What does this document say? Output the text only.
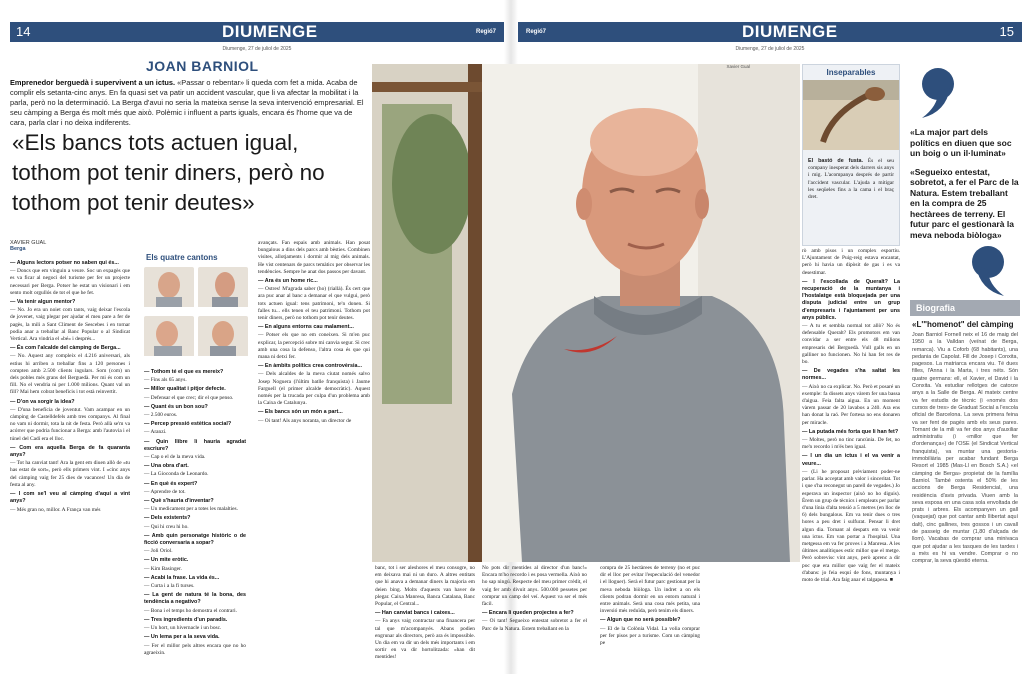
14	DIUMENGE	Regió7
Diumenge, 27 de juliol de 2025
Regió7	DIUMENGE	15
Diumenge, 27 de juliol de 2025
JOAN BARNIOL
Emprenedor berguedà i supervivent a un ictus. «Passar o rebentar» li queda com fet a mida. Acaba de complir els setanta-cinc anys. En fa quasi set va patir un accident vascular, que li va afectar la mobilitat i la parla, però no la determinació. La Berga d'avui no seria la mateixa sense la seva intervenció empresarial. El seu càmping a Berga és molt més que això. Polèmic i influent a parts iguals, encara és l'home que va de cara, parla clar i no deixa indiferents.
«Els bancs tots actuen igual, tothom pot tenir diners, però no tothom pot tenir deutes»
XAVIER GUAL
Berga

— Alguns lectors potser no saben qui és...

— Doncs que em vinguin a veure. Soc un expagès que es va ficar al negoci del turisme per fer un projecte necessari per Berga. Potser he estat un visionari i em sento molt orgullós de tot el que he fet.

— Va tenir algun mentor?

— No. Jo era un noiet com tants, vaig deixar l'escola de jovenet, vaig plegar per ajudar el meu pare a fer de pagès, la mili a Sant Climent de Sescebes i en tornar podia anar a treballar al Banc Popular o al Sindicat Vertical. Ara vindria el «bé» i després...

— És com l'alcalde del càmping de Berga...

— No. Aquest any compleix el 4.216 aniversari, als estius hi arriben a treballar fins a 120 persones i compten amb 2.500 clients ingulars. Som (com) un dels pobles més grans del Berguedà. Per mi és com un fill. No el vendria ni per 1.000 milions. Quant val un fill? Mai hem cobrat beneficis i tot està reinvertit.

— D'on va sorgir la idea?

— D'una benefícia de joventut. Vam acampar en un càmping de Castelldefels amb tres companys. Al final no vam ni dormir, tota la nit de festa. Però allà se'm va acórrer que podria funcionar a Berga: amb l'autovia i el túnel del Cadí era el lloc.

— Com era aquella Berga de fa quaranta anys?

— Tot ha canviat tant! Ara la gent em diuen allò de «tu has estat de sort», però ells primers vint. I «cinc anys del càmping vaig fer 25 dies de vacances! Un dia de festa al any.

— I com se'l veu al càmping d'aquí a vint anys?

— Més gran no, millor. A França van més

Els quatre cantons

— Tothom té el que es mereix?

— Fins als 65 anys.

— Millor qualitat i pitjor defecte.

— Defensar el que crec; dir el que penso.

— Quant és un bon sou?

— 2.500 euros.

— Percep pressió estètica social?

— Aranzí.

— Quin llibre li hauria agradat escriure?

— Cap o el de la meva vida.

— Una obra d'art.

— La Gioconda de Leonardo.

— En què és expert?

— Aprendre de tot.

— Què s'hauria d'inventar?

— Un medicament per a totes les malalties.

— Dels existents?

— Qui hi creu hi ho.

— Amb quin personatge històric o de ficció conversaria a sopar?

— Joli Oriol.

— Un mite eròtic.

— Kim Basinger.

— Acabi la frase. La vida és...

— Curta i a la fi turses.

— La gent de natura té la bona, des tendència a negativo?

— Bona i el temps ho demostra el contrari.

— Tres ingredients d'un paradís.

— Un hort, un hivernacle i un bosc.

— Un lema per a la seva vida.

— Fer el millor pels altres encara que no ho agraeixin.

avançats. Fan espais amb animals. Han posat bungalous a dins dels parcs amb bèsties. Combinen visites, allotjaments i dormir al mig dels animals. He vist centenars de parcs temàtics per observar les tendències. Sempre he anat dos passos per davant.

— Ara és un home ric...

— Ostres! M'agrada saber (ho) (riallà). És cert que ara puc anar al banc a demanar el que vulgui, però tots actuen igual: tens patrimoni, te'n donen. Si falles tu... ells tenen el teu patrimoni. Tothom pot tenir diners, però no tothom pot tenir deutes.

— En alguns entorns cau malament...

— Potser els que no em coneixen. Si m'en puc explicar, la percepció sobre mi canvia segur. Si crec amb una cosa la defenso, l'altra cosa és que qui mana ni detxi fer.

— En àmbits polítics crea controvèrsia...

— Dels alcaldes de la meva ciutat només salvo Josep Noguera (l'últim batlle franquista) i Jaume Farguell (el primer alcalde democràtic). Aquest només per la trucada per culpa d'un problema amb la Caixa de Catalunya.

— Els bancs són un món a part...

— Oi tant! Als anys noranta, un director de

Xavier Gual

banc, tot i ser aleshores el meu consogre, no em deixava mai ni un duro. A altres entitats que hi anava a demanar diners la majoria em deien bing. Molts d'aquests van haver de plegar. Caixa Manresa, Banca Catalana, Banc Popular, el Central...

— Han canviat bancs i caixes...

— Fa anys vaig contractar una financera per tal que m'acompanyés. Abans podien engrunar als directors, però ara és impossible. Un dia em va dir un dels més importants i em sortir en va dir hortolitzada: «han dit mentides!

No pots dir mentides al director d'un banc!» Encara m'ho recordo i es posa vermella. Això no ho sap ningú. Respecte del meu primer crèdit, el vaig fer amb divuit anys. 500.000 pessetes per comprar un camp del veí. Aquest va ser el més fàcil.

— Encara li queden projectes a fer?

— Oi tant! Segueixo entestat sobretot a fer el Parc de la Natura. Estem treballant en la

compra de 25 hectàrees de terreny (no et puc dir el lloc per evitar l'especulació del venedor i el lloguer). Serà el futur parc gestionat per la meva neboda biòloga. Un indret a on els clients podran dormir en un entorn natural i entre animals. Serà una cosa més petita, una inversió més reduïda, però tenim els diners.

— Algun que no serà possible?

— El de la Colònia Vidal. La volia comprar per fer pisos per a turisme. Com un càmping pe

Inseparables
El bastó de fusta. És el seu company inesperat dels darrers sis anys i mig. L'acompanya després de partir l'accident vascular. L'ajuda a mitigar les seqüeles fins a la cama i el braç dret.

rò amb pisos i un complex esportiu. L'Ajuntament de Puig-reig estava encantat, però hi havia un dipòsit de gas i es va desestimar.

— I l'escollada de Queralt? La recuperació de la muntanya i l'hostalatge està bloquejada per una disputa judicial entre un grup d'empresaris i l'ajuntament per uns anys públics.

— A tu et sembla normal tot allò? No és defensable Queralt? Els promotors em van convidar a ser entre els 48 milions empresaris del Berguedà. Vull galls en un galliner no funcionen. No hi han fet res de bo.

— De vegades s'ha saltat les normes...

— Això no ca explicar. No. Però et posaré un exemple: fa dissets anys vàrem fer una bassa d'aigua. Feia falta aigua. En un moment vàrem passar de 20 lavabos a 240. Ara ens han donat la raó. Per fortesa no ens donaren per miracle.

— La putada més forta que li han fet?

— Moltes, però no tinc rancúnia. De fet, no me'n recordo i m'és ben igual.

— I un dia un ictus i el va venir a veure...

— (Li he proposat prèviament poder-ne parlar. Ha acceptat amb valor i sinceritat. Tot i que s'ha reconegut un parell de vegades.) Jo esperava un inspector (això no ho diguis). Érem un grup de tècnics i empleats per parlar d'una línia d'alta tensió a 5 metres (en lloc de 6) dels bungalous. Em va tenir dues o tres hores a peu dret i sulfurat. Pensar li dret algun dia. Tornant al despatx em va venir una ictus. Em van portar a l'hospital. Una metgessa em va fer proves i a Manresa. A les últimes analítiques estic millor que el metge. Però sobrevisc vint anys, però aprenc a dir poc que era millor que vaig fer el mateix d'abans: jo feia esquí de fons, muntanya i moto de trial. Ara faig anar el talgapesa. ■

«La major part dels polítics en diuen que soc un boig o un il·luminat»
«Segueixo entestat, sobretot, a fer el Parc de la Natura. Estem treballant en la compra de 25 hectàrees de terreny. El futur parc el gestionarà la meva neboda biòloga»
Biografia
«L'"homenot" del càmping
Joan Barniol Fornell neix el 16 de maig del 1950 a la Valldan (veïnat de Berga, remarca). Viu a Coforb (68 habitants), una pedania de Capolat. Fill de Josep i Conxita, pagesos. La matriarca encara viu. Té dues filles, l'Anna i la Marta, i tres néts. Són quatre germans: ell, el Xavier, el David i la Conxita. Va estudiar rellotges de catorze anys a la Salle de Berga. Al mateix centre va fer estudis de tècnic (i «només dos cursos de tres» de Graduat Social a l'escola oficial de Barcelona. La seva primera feina va ser fent de pagès amb els seus pares. Tornant de la mili va fer dos anys d'auxiliar administratiu (i «millor que fer d'ordenança») de l'OSE (el Sindicat Vertical franquista), va muntar una gestoria-immobiliària per acabar fundant Berga Resort el 1985 (Mas-Ll en Bosch S.A.) «el càmping de Berga» propietat de la família Barniol. També ostenta el 50% de les accions de Berga Residencial, una residència d'avis privada. Viuen amb la seva esposa en una casa sola envoltada de prats i arbres. Els acompanyen un gall (vaquejat) que pot cantar amb llibertat aquí dalt), cinc gallines, tres gossos i un cavall de passeig de muntar (1,80 d'alçada de llom). Vacabas de comprar una minivaca que pot ajudar a les tasques de les tardes i a més es hi va vendre. Comprar o no comprar, la seva qüestió eterna.
